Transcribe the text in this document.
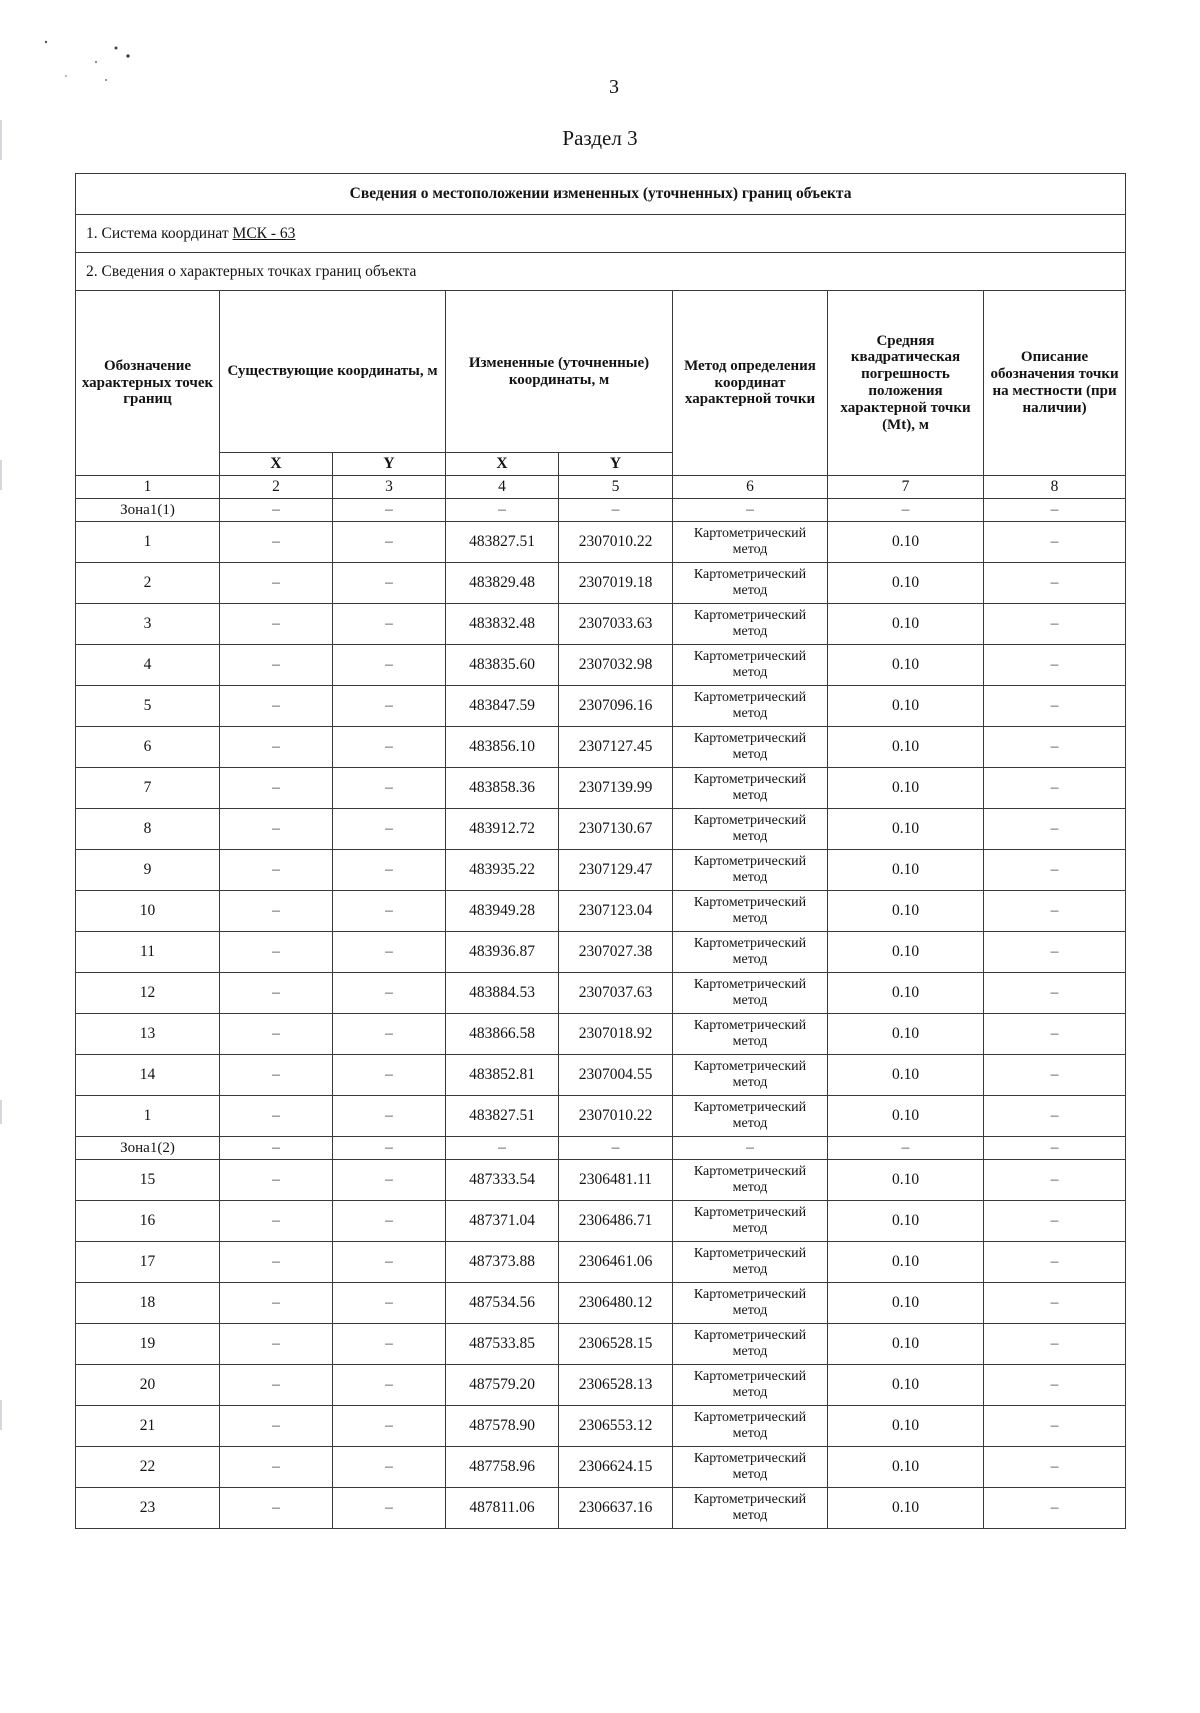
3
Раздел 3
Сведения о местоположении измененных (уточненных) границ объекта							
1. Система координат МСК - 63							
2. Сведения о характерных точках границ объекта							
Обозначение характерных точек границ	Существующие координаты, м		Измененные (уточненные) координаты, м		Метод определения координат характерной точки	Средняя квадратическая погрешность положения характерной точки (Mt), м	Описание обозначения точки на местности (при наличии)
	X	Y	X	Y			
1	2	3	4	5	6	7	8
Зона1(1)	–	–	–	–	–	–	–
1	–	–	483827.51	2307010.22	Картометрический метод	0.10	–
2	–	–	483829.48	2307019.18	Картометрический метод	0.10	–
3	–	–	483832.48	2307033.63	Картометрический метод	0.10	–
4	–	–	483835.60	2307032.98	Картометрический метод	0.10	–
5	–	–	483847.59	2307096.16	Картометрический метод	0.10	–
6	–	–	483856.10	2307127.45	Картометрический метод	0.10	–
7	–	–	483858.36	2307139.99	Картометрический метод	0.10	–
8	–	–	483912.72	2307130.67	Картометрический метод	0.10	–
9	–	–	483935.22	2307129.47	Картометрический метод	0.10	–
10	–	–	483949.28	2307123.04	Картометрический метод	0.10	–
11	–	–	483936.87	2307027.38	Картометрический метод	0.10	–
12	–	–	483884.53	2307037.63	Картометрический метод	0.10	–
13	–	–	483866.58	2307018.92	Картометрический метод	0.10	–
14	–	–	483852.81	2307004.55	Картометрический метод	0.10	–
1	–	–	483827.51	2307010.22	Картометрический метод	0.10	–
Зона1(2)	–	–	–	–	–	–	–
15	–	–	487333.54	2306481.11	Картометрический метод	0.10	–
16	–	–	487371.04	2306486.71	Картометрический метод	0.10	–
17	–	–	487373.88	2306461.06	Картометрический метод	0.10	–
18	–	–	487534.56	2306480.12	Картометрический метод	0.10	–
19	–	–	487533.85	2306528.15	Картометрический метод	0.10	–
20	–	–	487579.20	2306528.13	Картометрический метод	0.10	–
21	–	–	487578.90	2306553.12	Картометрический метод	0.10	–
22	–	–	487758.96	2306624.15	Картометрический метод	0.10	–
23	–	–	487811.06	2306637.16	Картометрический метод	0.10	–
